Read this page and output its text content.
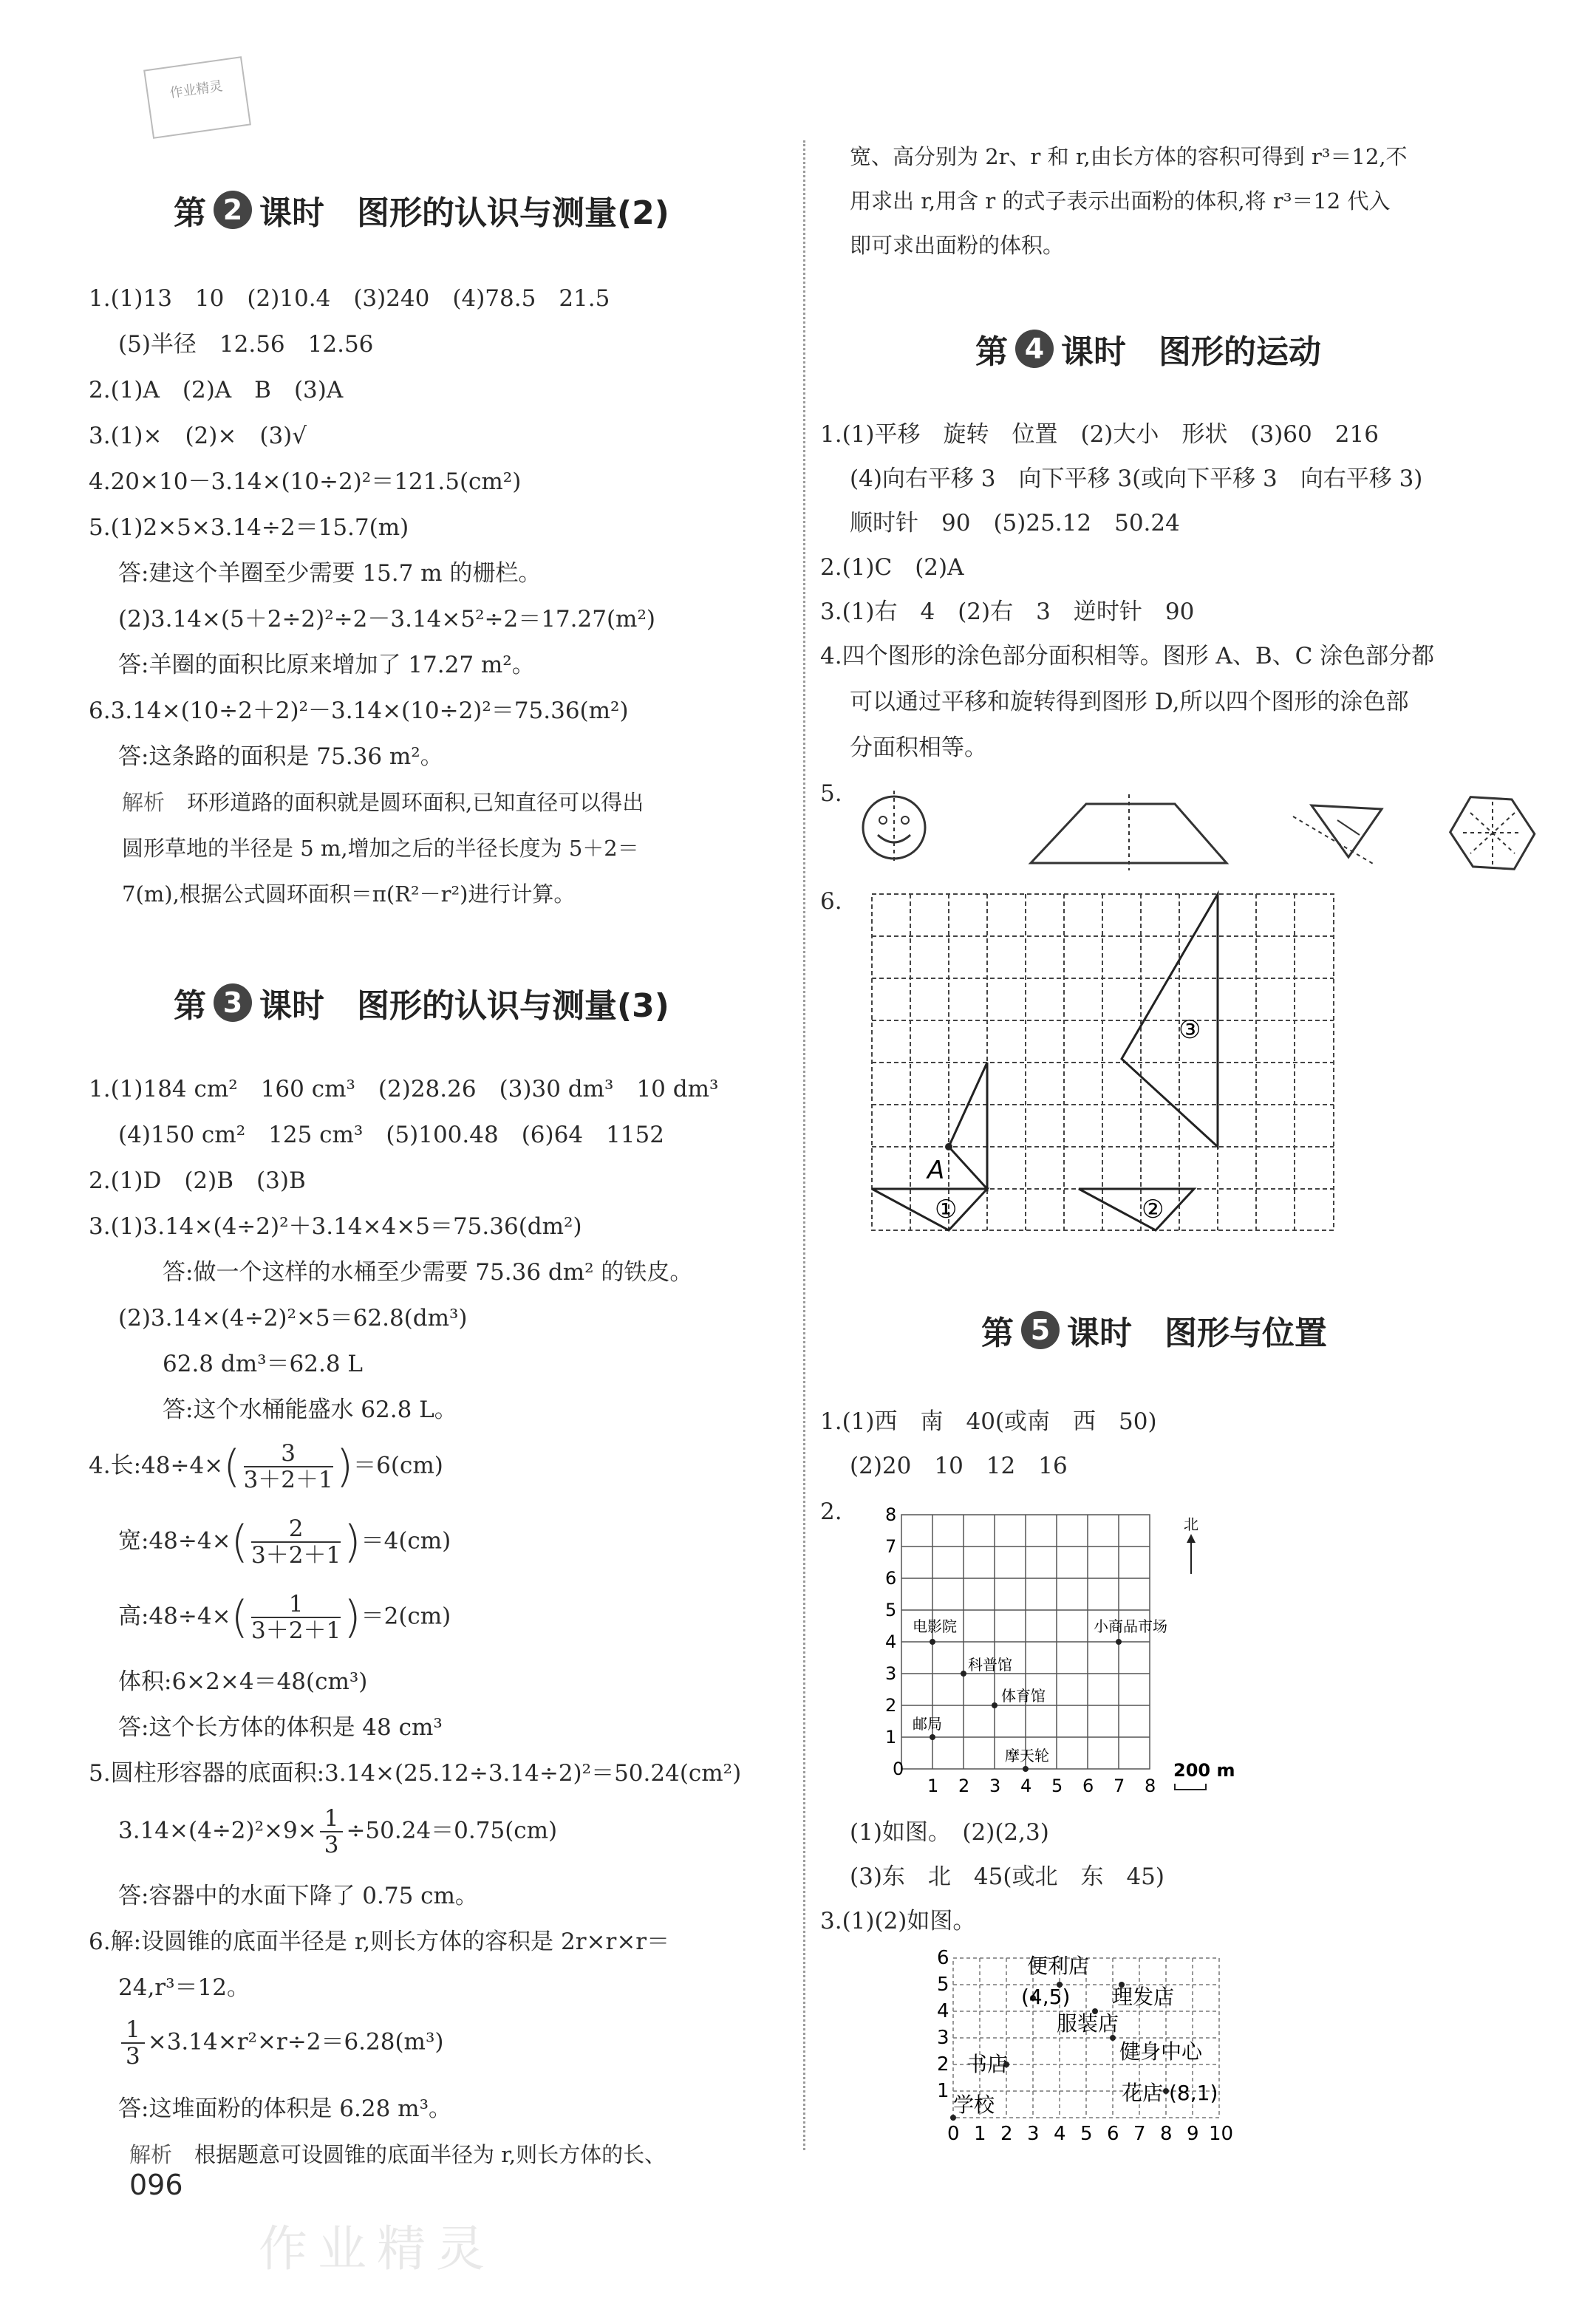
作业精灵
第 2 课时 图形的认识与测量(2)
1.(1)13　10　(2)10.4　(3)240　(4)78.5　21.5
(5)半径　12.56　12.56
2.(1)A　(2)A　B　(3)A
3.(1)×　(2)×　(3)√
4.20×10－3.14×(10÷2)²＝121.5(cm²)
5.(1)2×5×3.14÷2＝15.7(m)
答:建这个羊圈至少需要 15.7 m 的栅栏。
(2)3.14×(5＋2÷2)²÷2－3.14×5²÷2＝17.27(m²)
答:羊圈的面积比原来增加了 17.27 m²。
6.3.14×(10÷2＋2)²－3.14×(10÷2)²＝75.36(m²)
答:这条路的面积是 75.36 m²。
解析 环形道路的面积就是圆环面积,已知直径可以得出
圆形草地的半径是 5 m,增加之后的半径长度为 5＋2＝
7(m),根据公式圆环面积＝π(R²－r²)进行计算。
第 3 课时 图形的认识与测量(3)
1.(1)184 cm²　160 cm³　(2)28.26　(3)30 dm³　10 dm³
(4)150 cm²　125 cm³　(5)100.48　(6)64　1152
2.(1)D　(2)B　(3)B
3.(1)3.14×(4÷2)²＋3.14×4×5＝75.36(dm²)
答:做一个这样的水桶至少需要 75.36 dm² 的铁皮。
(2)3.14×(4÷2)²×5＝62.8(dm³)
62.8 dm³＝62.8 L
答:这个水桶能盛水 62.8 L。
4.长:48÷4×( $\frac{3}{3+2+1} )=6(cm)$
宽:48÷4×( $\frac{2}{3+2+1} )=4(cm)$
高:48÷4×( $\frac{1}{3+2+1} )=2(cm)$
体积:6×2×4＝48(cm³)
答:这个长方体的体积是 48 cm³
5.圆柱形容器的底面积:3.14×(25.12÷3.14÷2)²＝50.24(cm²)
$3.14\times(4\div 2)^2\times 9\times \frac{1}{3} \div 50.24=0.75(cm)$
答:容器中的水面下降了 0.75 cm。
6.解:设圆锥的底面半径是 r,则长方体的容积是 2r×r×r＝
24,r³＝12。
$\frac{1}{3} \times 3.14\times r^2\times r\div 2=6.28(m^3)$
答:这堆面粉的体积是 6.28 m³。
解析 根据题意可设圆锥的底面半径为 r,则长方体的长、
宽、高分别为 2r、r 和 r,由长方体的容积可得到 r³＝12,不
用求出 r,用含 r 的式子表示出面粉的体积,将 r³＝12 代入
即可求出面粉的体积。
第 4 课时 图形的运动
1.(1)平移　旋转　位置　(2)大小　形状　(3)60　216
(4)向右平移 3　向下平移 3(或向下平移 3　向右平移 3)
顺时针　90　(5)25.12　50.24
2.(1)C　(2)A
3.(1)右　4　(2)右　3　逆时针　90
4.四个图形的涂色部分面积相等。图形 A、B、C 涂色部分都
可以通过平移和旋转得到图形 D,所以四个图形的涂色部
分面积相等。
5.
6.
A
①	②
③
第 5 课时 图形与位置
1.(1)西　南　40(或南　西　50)
(2)20　10　12　16
2.
0
1 2 3 4 5 6 7 8
1
2
3
4
5
6
7
8
电影院	小商品市场
科普馆
体育馆
邮局
摩天轮
北
200 m
(1)如图。　(2)(2,3)
(3)东　北　45(或北　东　45)
3.(1)(2)如图。
0 1 2 3 4 5 6 7 8 9 10
1
2
3
4
5
6	便利店
理发店
服装店
健身中心
书店
花店
学校
(4,5)
(8,1)
096
作业精灵
